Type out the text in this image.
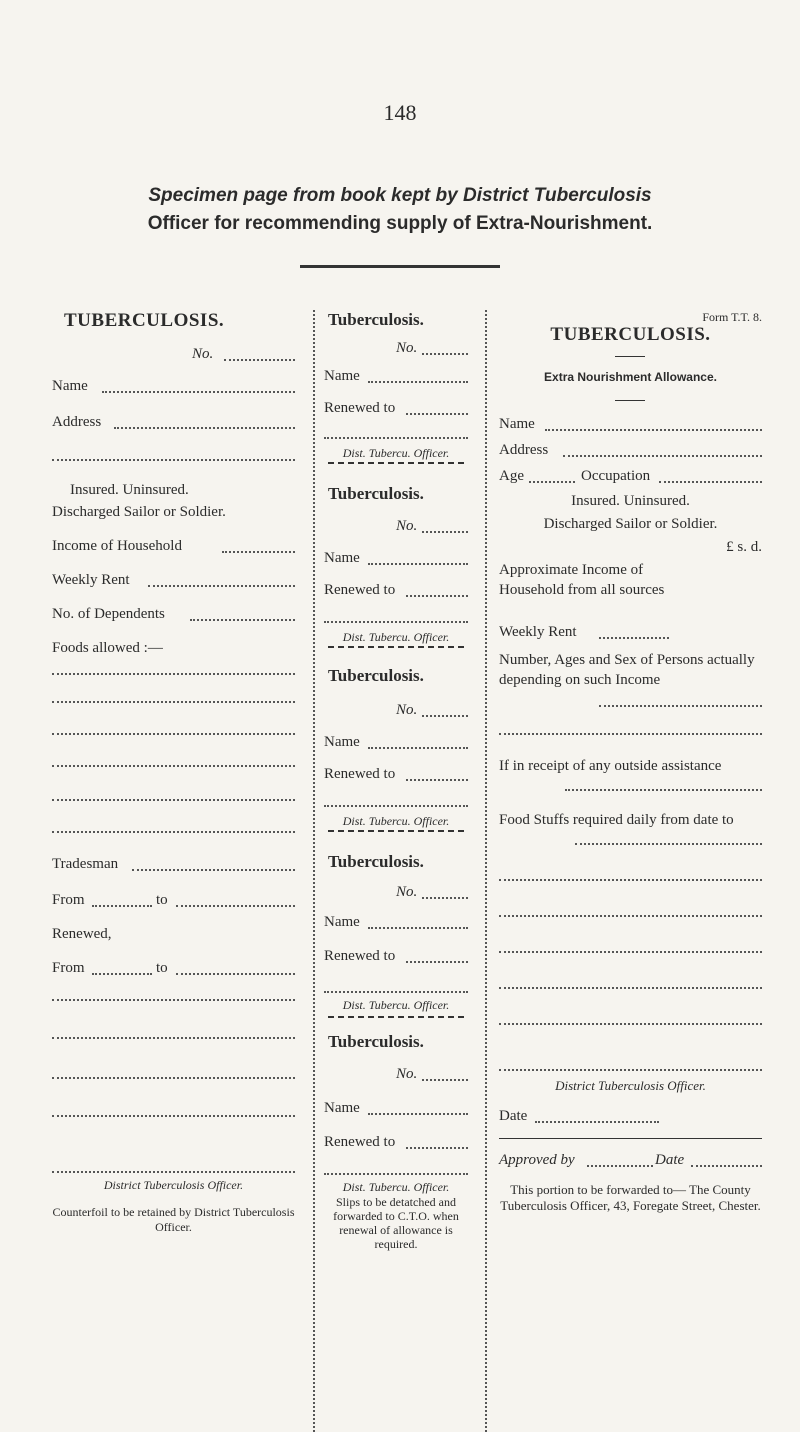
148
Specimen page from book kept by District Tuberculosis
Officer for recommending supply of Extra-Nourishment.
TUBERCULOSIS.
No.
Name
Address
Insured. Uninsured.
Discharged Sailor or Soldier.
Income of Household
Weekly Rent
No. of Dependents
Foods allowed :—
Tradesman
From	to
Renewed,
From	to
District Tuberculosis Officer.
Counterfoil to be retained by District Tuberculosis Officer.
Tuberculosis.
No.
Name
Renewed to
Dist. Tubercu. Officer.
Tuberculosis.
No.
Name
Renewed to
Dist. Tubercu. Officer.
Tuberculosis.
No.
Name
Renewed to
Dist. Tubercu. Officer.
Tuberculosis.
No.
Name
Renewed to
Dist. Tubercu. Officer.
Tuberculosis.
No.
Name
Renewed to
Dist. Tubercu. Officer.
Slips to be detatched and forwarded to C.T.O. when renewal of allowance is required.
Form T.T. 8.
TUBERCULOSIS.
Extra Nourishment Allowance.
Name
Address
Age	Occupation
Insured. Uninsured.
Discharged Sailor or Soldier.
£ s. d.
Approximate Income of Household from all sources
Weekly Rent
Number, Ages and Sex of Persons actually depending on such Income
If in receipt of any outside assistance
Food Stuffs required daily from date to
District Tuberculosis Officer.
Date
Approved by	Date
This portion to be forwarded to— The County Tuberculosis Officer, 43, Foregate Street, Chester.
